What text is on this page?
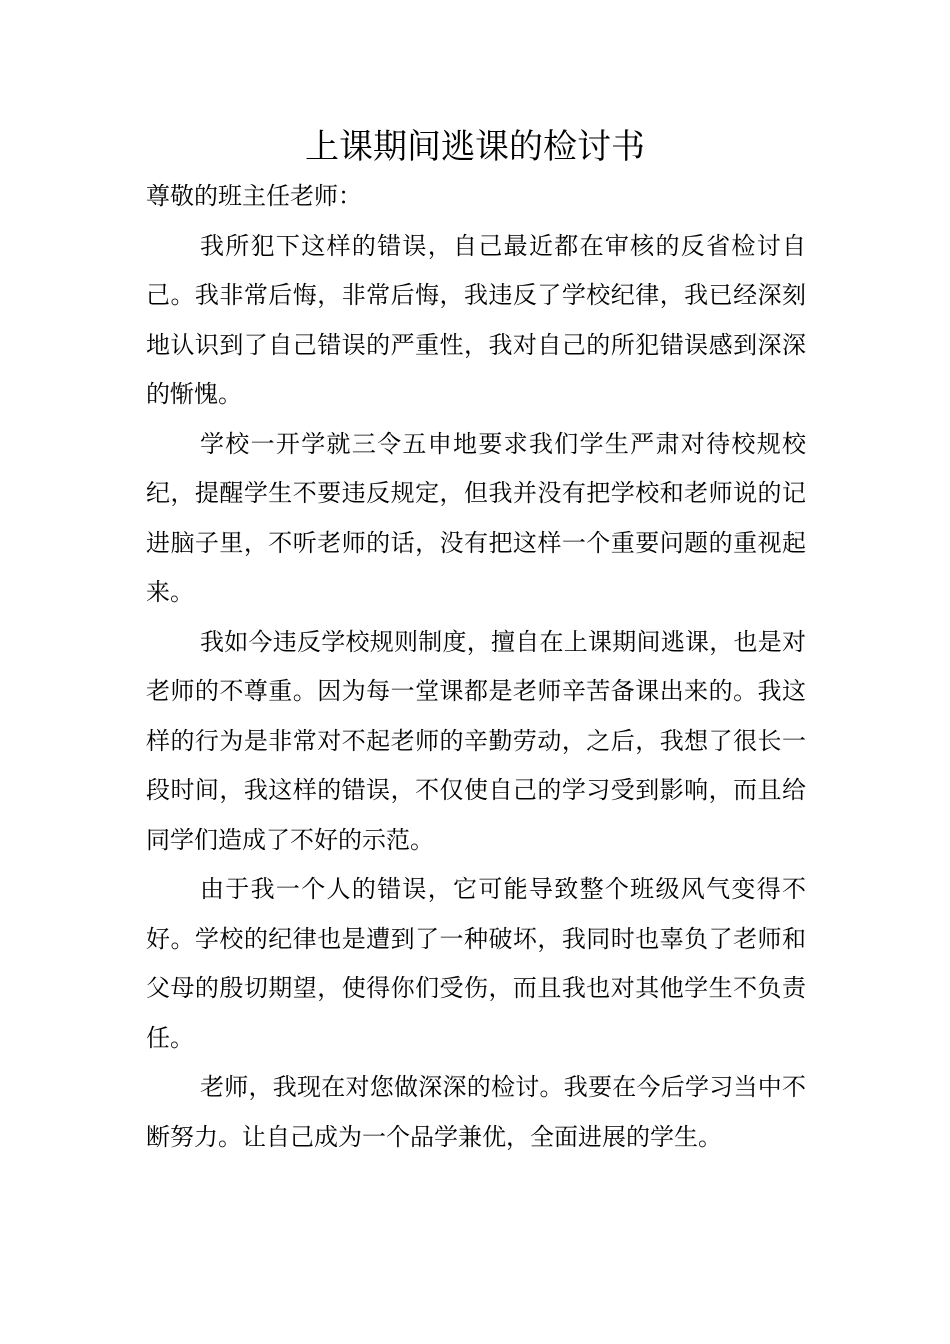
上课期间逃课的检讨书

尊敬的班主任老师：

我所犯下这样的错误，自己最近都在审核的反省检讨自己。我非常后悔，非常后悔，我违反了学校纪律，我已经深刻地认识到了自己错误的严重性，我对自己的所犯错误感到深深的惭愧。

学校一开学就三令五申地要求我们学生严肃对待校规校纪，提醒学生不要违反规定，但我并没有把学校和老师说的记进脑子里，不听老师的话，没有把这样一个重要问题的重视起来。

我如今违反学校规则制度，擅自在上课期间逃课，也是对老师的不尊重。因为每一堂课都是老师辛苦备课出来的。我这样的行为是非常对不起老师的辛勤劳动，之后，我想了很长一段时间，我这样的错误，不仅使自己的学习受到影响，而且给同学们造成了不好的示范。

由于我一个人的错误，它可能导致整个班级风气变得不好。学校的纪律也是遭到了一种破坏，我同时也辜负了老师和父母的殷切期望，使得你们受伤，而且我也对其他学生不负责任。

老师，我现在对您做深深的检讨。我要在今后学习当中不断努力。让自己成为一个品学兼优，全面进展的学生。
